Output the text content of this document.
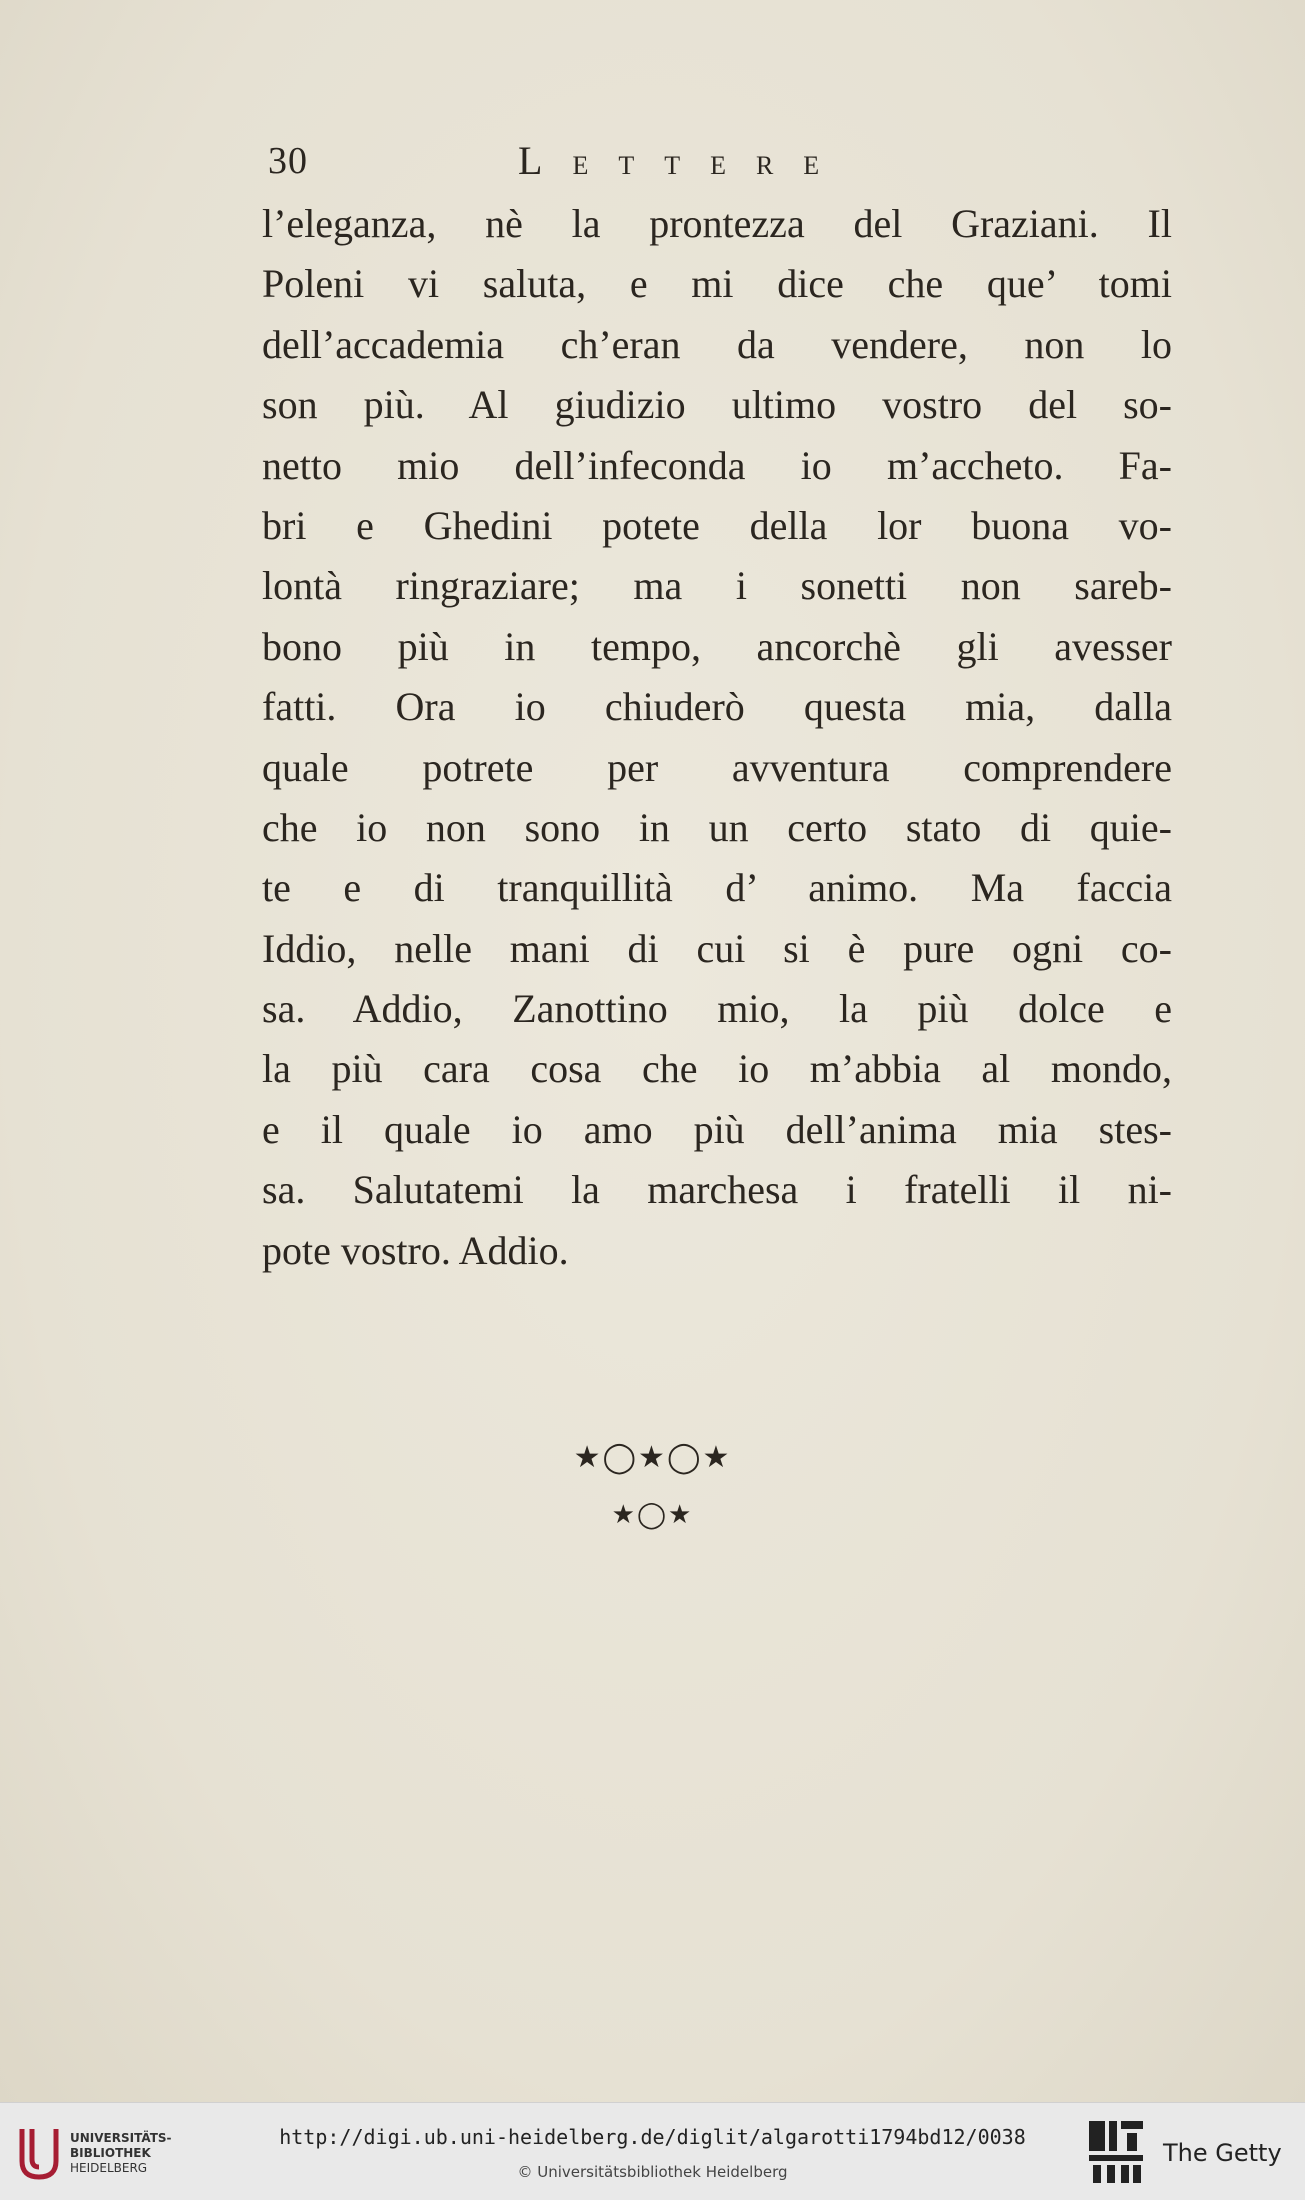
30	LETTERE
l’eleganza, nè la prontezza del Graziani. Il
Poleni vi saluta, e mi dice che que’ tomi
dell’accademia ch’eran da vendere, non lo
son più. Al giudizio ultimo vostro del so-
netto mio dell’infeconda io m’accheto. Fa-
bri e Ghedini potete della lor buona vo-
lontà ringraziare; ma i sonetti non sareb-
bono più in tempo, ancorchè gli avesser
fatti. Ora io chiuderò questa mia, dalla
quale potrete per avventura comprendere
che io non sono in un certo stato di quie-
te e di tranquillità d’ animo. Ma faccia
Iddio, nelle mani di cui si è pure ogni co-
sa. Addio, Zanottino mio, la più dolce e
la più cara cosa che io m’abbia al mondo,
e il quale io amo più dell’anima mia stes-
sa. Salutatemi la marchesa i fratelli il ni-
pote vostro. Addio.
★◯★◯★
★◯★
UNIVERSITÄTS-
BIBLIOTHEK
HEIDELBERG
http://digi.ub.uni-heidelberg.de/diglit/algarotti1794bd12/0038
© Universitätsbibliothek Heidelberg
The Getty
